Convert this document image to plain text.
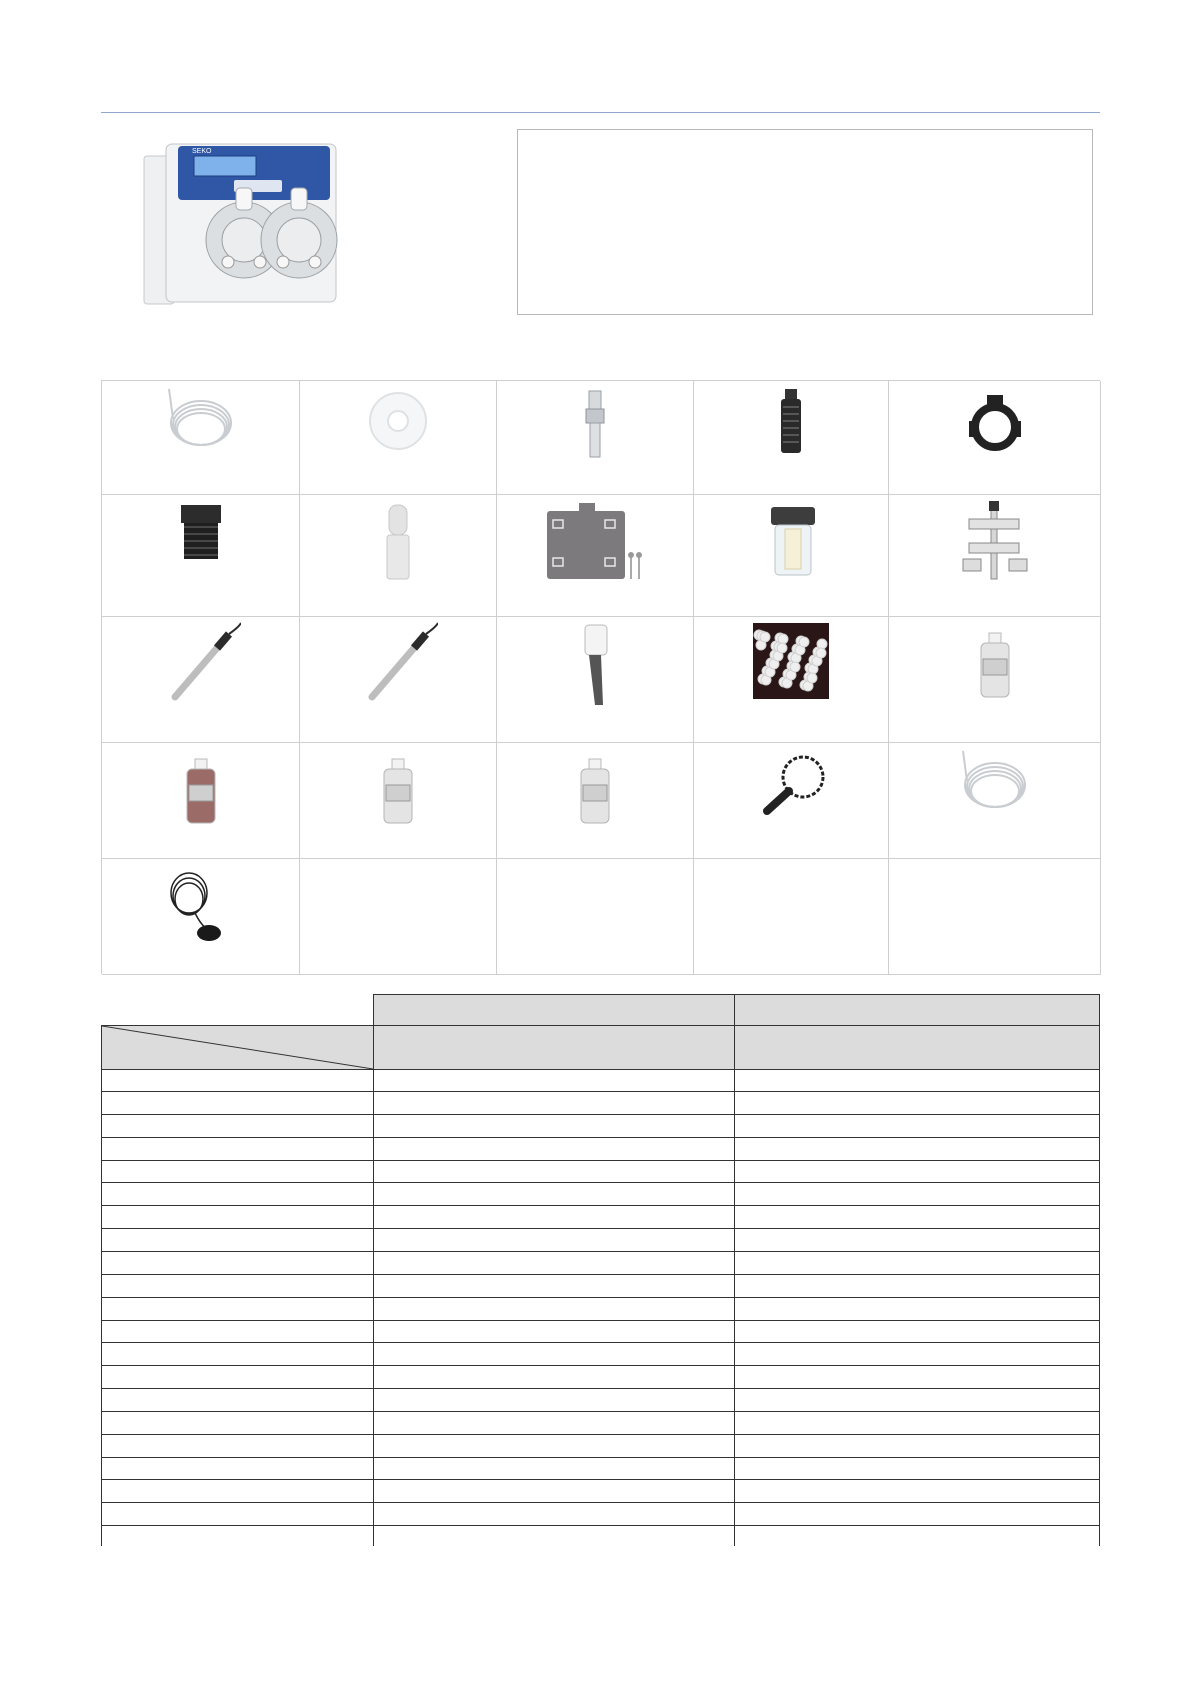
SEKO
